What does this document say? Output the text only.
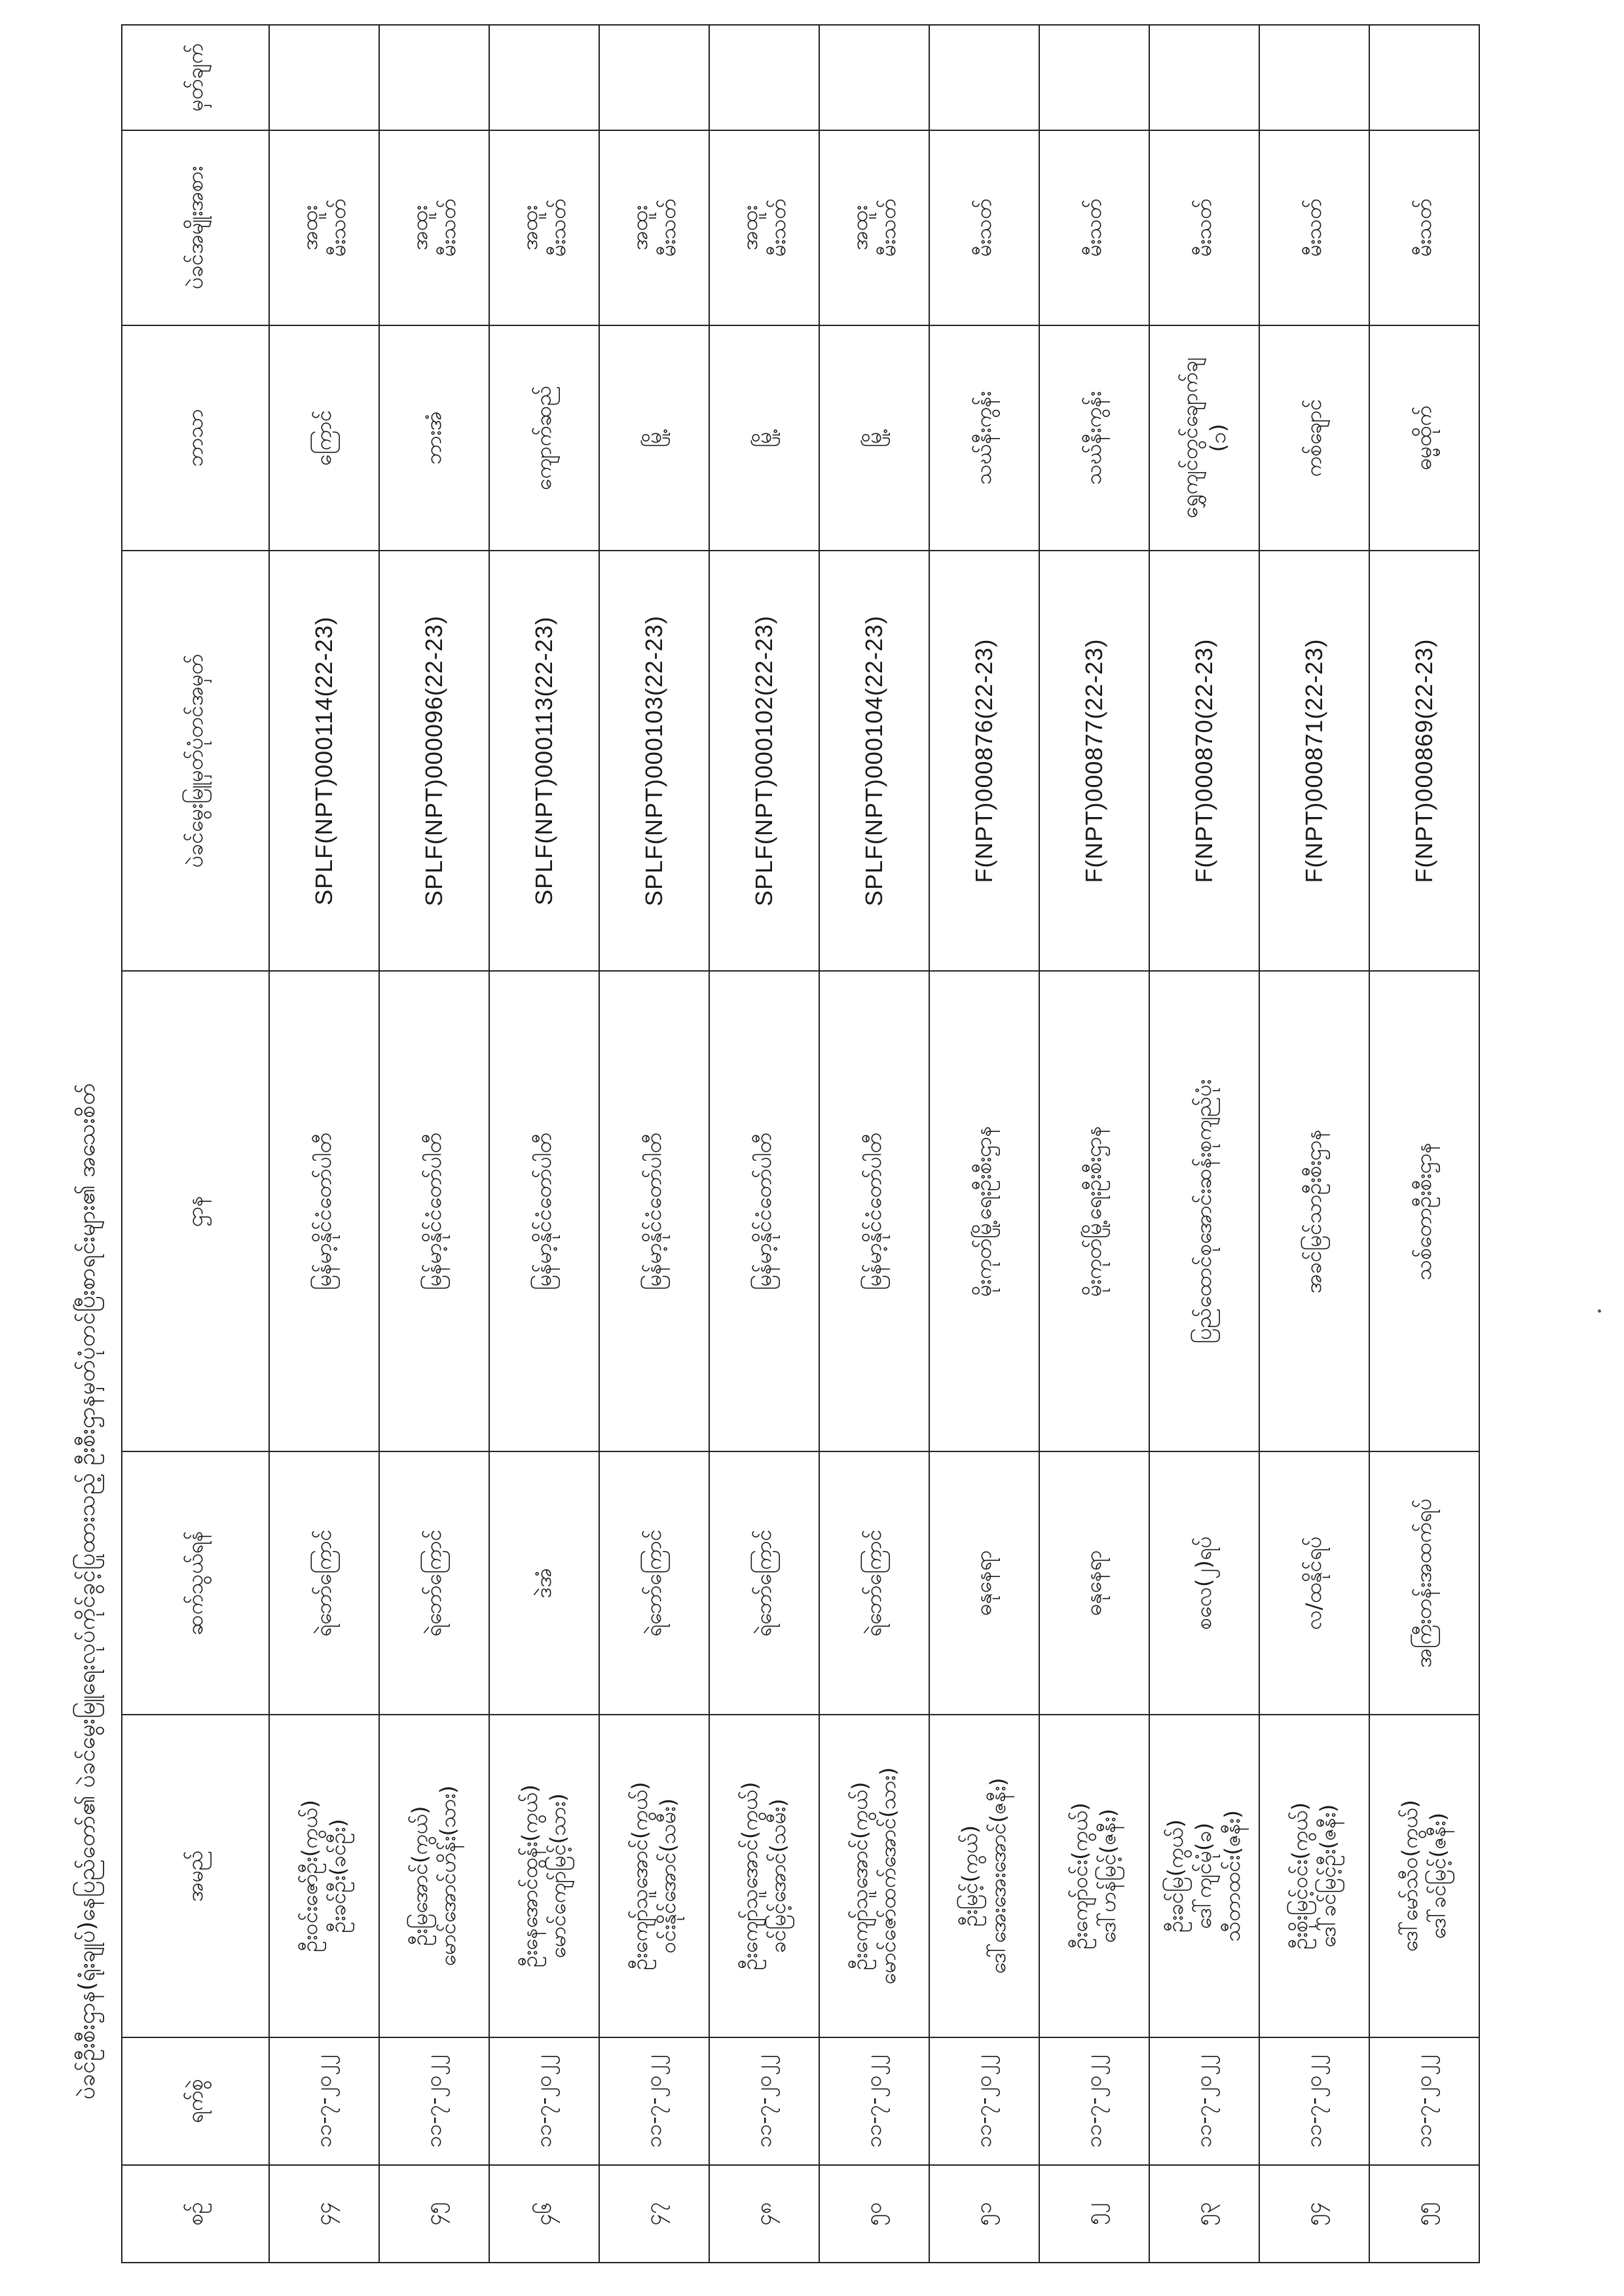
ပဲခင်ဦးစီးဌာန(ရုံးချုပ်)နေပြည်တော်၏ ပဲခင်မွေးမြူရေးလုပ်ကိုင်ခွင့်ပြုထားသည့် ဦးစီးဌာနမှတ်ပုံတင်ပြီးစာရင်းများ၏ အသေးစိတ်
စဉ်	ရက်စွဲ	အမည်	ဆက်သွယ်ရန်	ဌာန	ပဲခင်မွေးမြူမှတ်ပုံတင်အမှတ်	ဘာသာ	ပဲခင်အမျိုးအစား	မှတ်ချက်
၄၄	၁၁-၇-၂၀၂၂	ဦးဝင်းဇော်ဦး(ကွယ်) ဦးခင်ဦး(ခင်ဦး)	ရဲဘော်ကြောင်	မြန်မာ့နိုင်ငံတော်ပါတီ	SPLF(NPT)000114(22-23)	ကြောင်	အထူး မီးသတ်	

၄၅	၁၁-၇-၂၀၂၂	ဦးမြအောင်(ကွယ်) မောင်အောင်ဟိန်း(သား)	ရဲဘော်ကြောင်	မြန်မာ့နိုင်ငံတော်ပါတီ	SPLF(NPT)000096(22-23)	ဘားအံ	အထူး မီးသတ်	

၄၆	၁၁-၇-၂၀၂၂	ဦးနေအောင်ထွန်း(ကွယ်) မောင်ကျော်မြင့်(သား)	ဒဲအံ	မြန်မာ့နိုင်ငံတော်ပါတီ	SPLF(NPT)000113(22-23)	ကျောက်ဆည်	အထူး မီးသတ်	

၄၇	၁၁-၇-၂၀၂၂	ဦးကျော်သူအောင်(ကွယ်) ဝင်းနိုင်အောင်(သမီး)	ရဲဘော်ကြောင်	မြန်မာ့နိုင်ငံတော်ပါတီ	SPLF(NPT)000103(22-23)	မြို့	အထူး မီးသတ်	

၄၈	၁၁-၇-၂၀၂၂	ဦးကျော်သူအောင်(ကွယ်) ခင်မြင့်အောင်(သမီး)	ရဲဘော်ကြောင်	မြန်မာ့နိုင်ငံတော်ပါတီ	SPLF(NPT)000102(22-23)	မြို့	အထူး မီးသတ်	

၅၀	၁၁-၇-၂၀၂၂	ဦးကျော်သူအောင်(ကွယ်) မောင်ဇော်ထက်အောင်(သား)	ရဲဘော်ကြောင်	မြန်မာ့နိုင်ငံတော်ပါတီ	SPLF(NPT)000104(22-23)	မြို့	အထူး မီးသတ်	

၅၁	၁၁-၇-၂၀၂၂	ဦးမြင့်(ကွယ်) ဒေါ်အေးအေးအောင်(ဇနီး)	ဓနုနေရာ	မိုးကုတ်မြို့ရေးဦးစီးဌာန	F(NPT)000876(22-23)	သဃ်နီးကွန်း	မီးသတ်	

၅၂	၁၁-၇-၂၀၂၂	ဦးကျော်ဝင်း(ကွယ်) ဒေါ်ဟန်မြင့်(ဇနီး)	ဓနုနေရာ	မိုးကုတ်မြို့ရေးဦးစီးဌာန	F(NPT)000877(22-23)	သဃ်နီးကွန်း	မီးသတ်	

၅၃	၁၁-၇-၂၀၂၂	ဦးခင်မြ(ကွယ်) ဒေါ်ကျင်မုံ(ခ) သီတာထင်း(ဇနီး)	စလေ(၂)ရပ်	ပြည်ထောင်စုအောင်းဆန်းစုကျည်ပုံး	F(NPT)000870(22-23)	ရွှေကျင်တွင်ချောက်ချ (၁)	မီးသတ်	

၅၄	၁၁-၇-၂၀၂၂	ဦးစိုးမြင့်ဝင်း(ကွယ်) ဒေါ်ခင်မြင့်ဦး(ဇနီး)	လ/ထနိုင်ရပ်	အခင်မြင်သာဦးစီးဌာန	F(NPT)000871(22-23)	ကစ်ချောင်	မီးသတ်	

၅၅	၁၁-၇-၂၀၂၂	ဒေါ်မော်သီဝ(ကွယ်) ဒေါ်ခင်မြင့်(ဇနီး)	အကြီးတန်းအထက်ရပ်	သစ်တောဦးစီးဌာန	F(NPT)000869(22-23)	ဓမ္မထိုက်	မီးသတ်	
